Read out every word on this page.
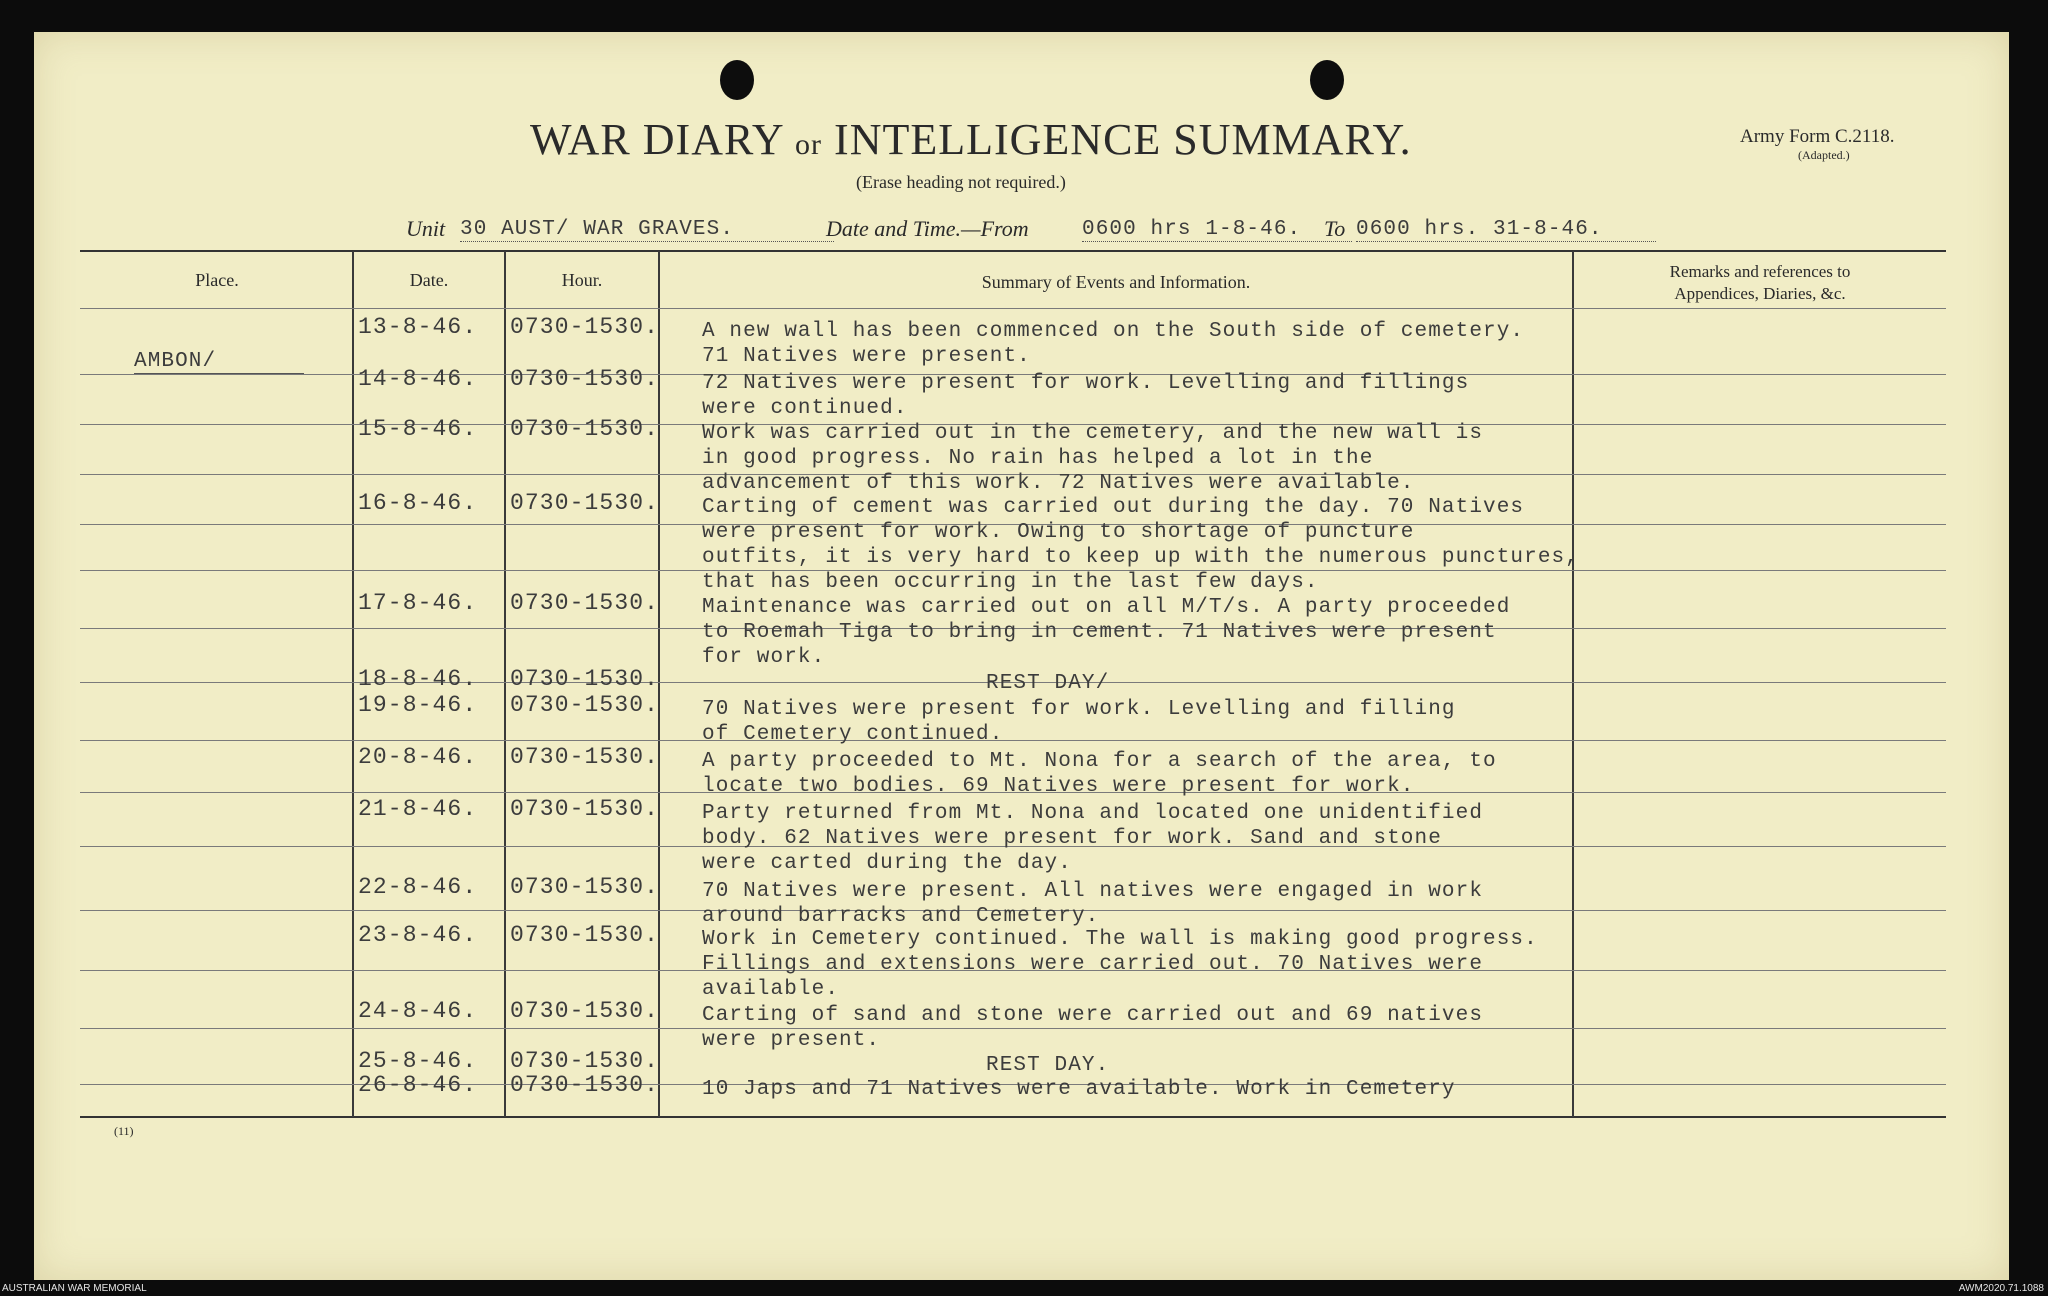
WAR DIARY or INTELLIGENCE SUMMARY.
(Erase heading not required.)
Army Form C.2118.
(Adapted.)
Unit 30 AUST/ WAR GRAVES.	Date and Time.—From	0600 hrs 1-8-46.	To 0600 hrs. 31-8-46.
Place.	Date.	Hour.	Summary of Events and Information.
Remarks and references to
Appendices, Diaries, &c.
AMBON/
13-8-46. 0730-1530. A new wall has been commenced on the South side of cemetery.
71 Natives were present.
14-8-46. 0730-1530. 72 Natives were present for work. Levelling and fillings
were continued.
15-8-46. 0730-1530. Work was carried out in the cemetery, and the new wall is
in good progress. No rain has helped a lot in the
advancement of this work. 72 Natives were available.
16-8-46. 0730-1530. Carting of cement was carried out during the day. 70 Natives
were present for work. Owing to shortage of puncture
outfits, it is very hard to keep up with the numerous punctures,
that has been occurring in the last few days.
17-8-46. 0730-1530. Maintenance was carried out on all M/T/s. A party proceeded
to Roemah Tiga to bring in cement. 71 Natives were present
for work.
18-8-46. 0730-1530.	REST DAY/
19-8-46. 0730-1530. 70 Natives were present for work. Levelling and filling
of Cemetery continued.
20-8-46. 0730-1530. A party proceeded to Mt. Nona for a search of the area, to
locate two bodies. 69 Natives were present for work.
21-8-46. 0730-1530. Party returned from Mt. Nona and located one unidentified
body. 62 Natives were present for work. Sand and stone
were carted during the day.
22-8-46. 0730-1530. 70 Natives were present. All natives were engaged in work
around barracks and Cemetery.
23-8-46. 0730-1530. Work in Cemetery continued. The wall is making good progress.
Fillings and extensions were carried out. 70 Natives were
available.
24-8-46. 0730-1530. Carting of sand and stone were carried out and 69 natives
were present.
25-8-46. 0730-1530.	REST DAY.
26-8-46. 0730-1530. 10 Japs and 71 Natives were available. Work in Cemetery
(11)
AUSTRALIAN WAR MEMORIAL	AWM2020.71.1088
